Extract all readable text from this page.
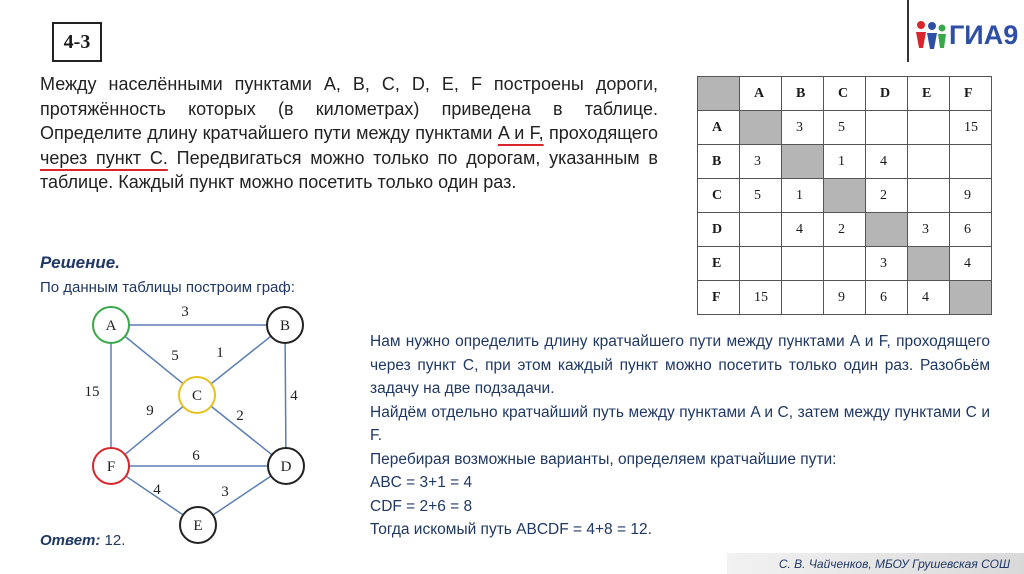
4-3	ГИА9
Между населёнными пунктами A, B, C, D, E, F построены дороги, протяжённость которых (в километрах) приведена в таблице. Определите длину кратчайшего пути между пунктами A и F, проходящего через пункт C. Передвигаться можно только по дорогам, указанным в таблице. Каждый пункт можно посетить только один раз.
	A	B	C	D	E	F
A		3	5			15
B	3		1	4		
C	5	1		2		9
D		4	2		3	6
E				3		4
F	15		9	6	4	
Решение.
По данным таблицы построим граф:
3
5	1
15	4
9	2
6
4	3
A	B
C
D
E
F

Нам нужно определить длину кратчайшего пути между пунктами A и F, проходящего через пункт C, при этом каждый пункт можно посетить только один раз. Разобьём задачу на две подзадачи.

Найдём отдельно кратчайший путь между пунктами A и C, затем между пунктами C и F.

Перебирая возможные варианты, определяем кратчайшие пути:

ABC = 3+1 = 4

CDF = 2+6 = 8

Тогда искомый путь ABCDF = 4+8 = 12.

Ответ: 12.
С. В. Чайченков, МБОУ Грушевская СОШ
